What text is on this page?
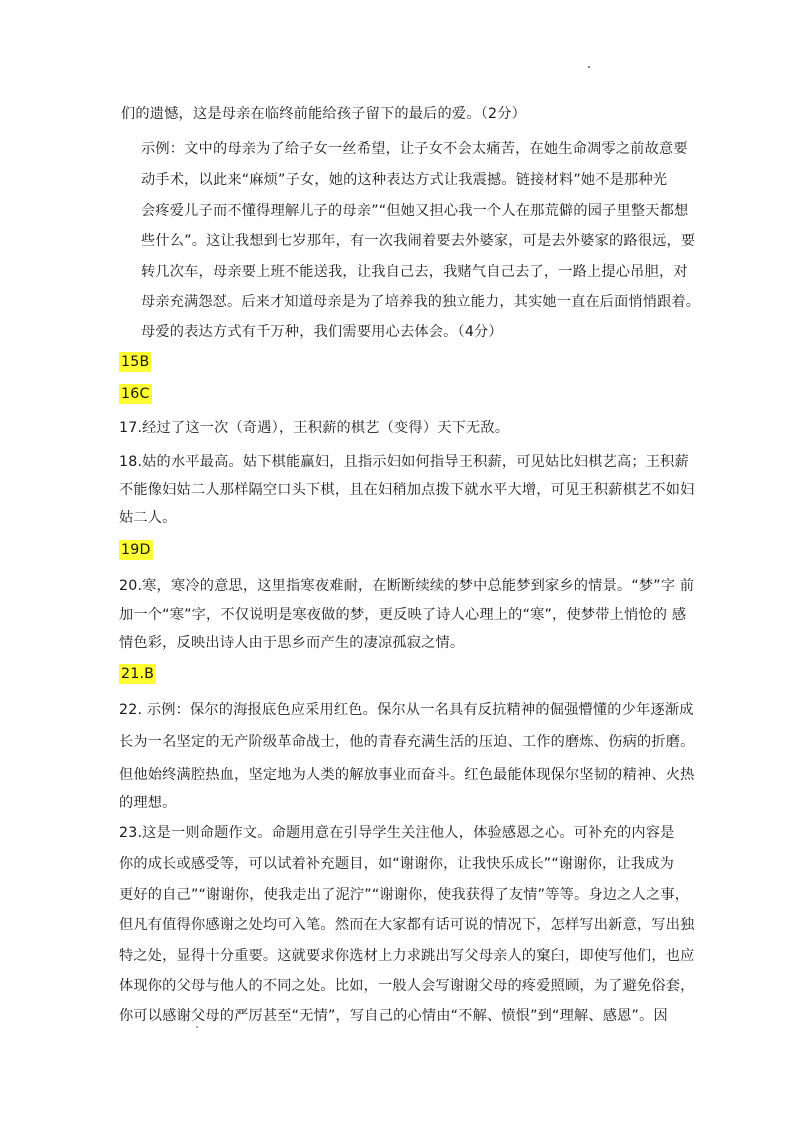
们的遗憾，这是母亲在临终前能给孩子留下的最后的爱。（2分）
示例：文中的母亲为了给子女一丝希望，让子女不会太痛苦，在她生命凋零之前故意要
动手术，以此来“麻烦”子女，她的这种表达方式让我震撼。链接材料”她不是那种光
会疼爱儿子而不懂得理解儿子的母亲”“但她又担心我一个人在那荒僻的园子里整天都想
些什么”。这让我想到七岁那年，有一次我闹着要去外婆家，可是去外婆家的路很远，要
转几次车，母亲要上班不能送我，让我自己去，我赌气自己去了，一路上提心吊胆，对
母亲充满怨怼。后来才知道母亲是为了培养我的独立能力，其实她一直在后面悄悄跟着。
母爱的表达方式有千万种，我们需要用心去体会。（4分）
15B
16C
17.经过了这一次（奇遇），王积薪的棋艺（变得）天下无敌。
18.姑的水平最高。姑下棋能赢妇，且指示妇如何指导王积薪，可见姑比妇棋艺高；王积薪
不能像妇姑二人那样隔空口头下棋，且在妇稍加点拨下就水平大增，可见王积薪棋艺不如妇
姑二人。
19D
20.寒，寒冷的意思，这里指寒夜难耐，在断断续续的梦中总能梦到家乡的情景。“梦”字 前
加一个“寒”字，不仅说明是寒夜做的梦，更反映了诗人心理上的“寒”，使梦带上悄怆的 感
情色彩，反映出诗人由于思乡而产生的凄凉孤寂之情。
21.B
22. 示例：保尔的海报底色应采用红色。保尔从一名具有反抗精神的倔强懵懂的少年逐渐成
长为一名坚定的无产阶级革命战士，他的青春充满生活的压迫、工作的磨炼、伤病的折磨。
但他始终满腔热血，坚定地为人类的解放事业而奋斗。红色最能体现保尔坚韧的精神、火热
的理想。
23.这是一则命题作文。命题用意在引导学生关注他人，体验感恩之心。可补充的内容是
你的成长或感受等，可以试着补充题目，如“谢谢你，让我快乐成长”“谢谢你，让我成为
更好的自己”“谢谢你，使我走出了泥泞”“谢谢你，使我获得了友情”等等。身边之人之事，
但凡有值得你感谢之处均可入笔。然而在大家都有话可说的情况下，怎样写出新意，写出独
特之处，显得十分重要。这就要求你选材上力求跳出写父母亲人的窠臼，即使写他们，也应
体现你的父母与他人的不同之处。比如，一般人会写谢谢父母的疼爱照顾，为了避免俗套，
你可以感谢父母的严厉甚至“无情”，写自己的心情由“不解、愤恨”到“理解、感恩”。因
